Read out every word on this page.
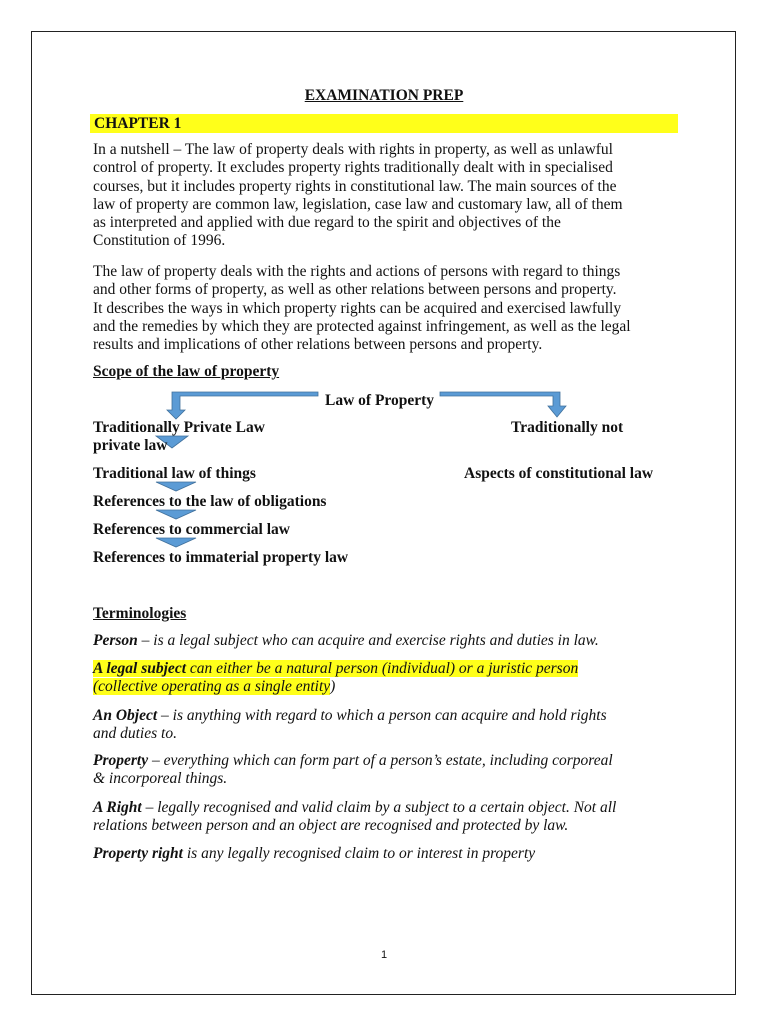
EXAMINATION PREP
CHAPTER 1
In a nutshell – The law of property deals with rights in property, as well as unlawful
control of property. It excludes property rights traditionally dealt with in specialised
courses, but it includes property rights in constitutional law. The main sources of the
law of property are common law, legislation, case law and customary law, all of them
as interpreted and applied with due regard to the spirit and objectives of the
Constitution of 1996.
The law of property deals with the rights and actions of persons with regard to things
and other forms of property, as well as other relations between persons and property.
It describes the ways in which property rights can be acquired and exercised lawfully
and the remedies by which they are protected against infringement, as well as the legal
results and implications of other relations between persons and property.
Scope of the law of property
Law of Property
Traditionally Private Law
private law
Traditionally not
Traditional law of things	Aspects of constitutional law
References to the law of obligations
References to commercial law
References to immaterial property law
Terminologies
Person – is a legal subject who can acquire and exercise rights and duties in law.
A legal subject can either be a natural person (individual) or a juristic person
(collective operating as a single entity)
An Object – is anything with regard to which a person can acquire and hold rights
and duties to.
Property – everything which can form part of a person’s estate, including corporeal
& incorporeal things.
A Right – legally recognised and valid claim by a subject to a certain object. Not all
relations between person and an object are recognised and protected by law.
Property right is any legally recognised claim to or interest in property
1
